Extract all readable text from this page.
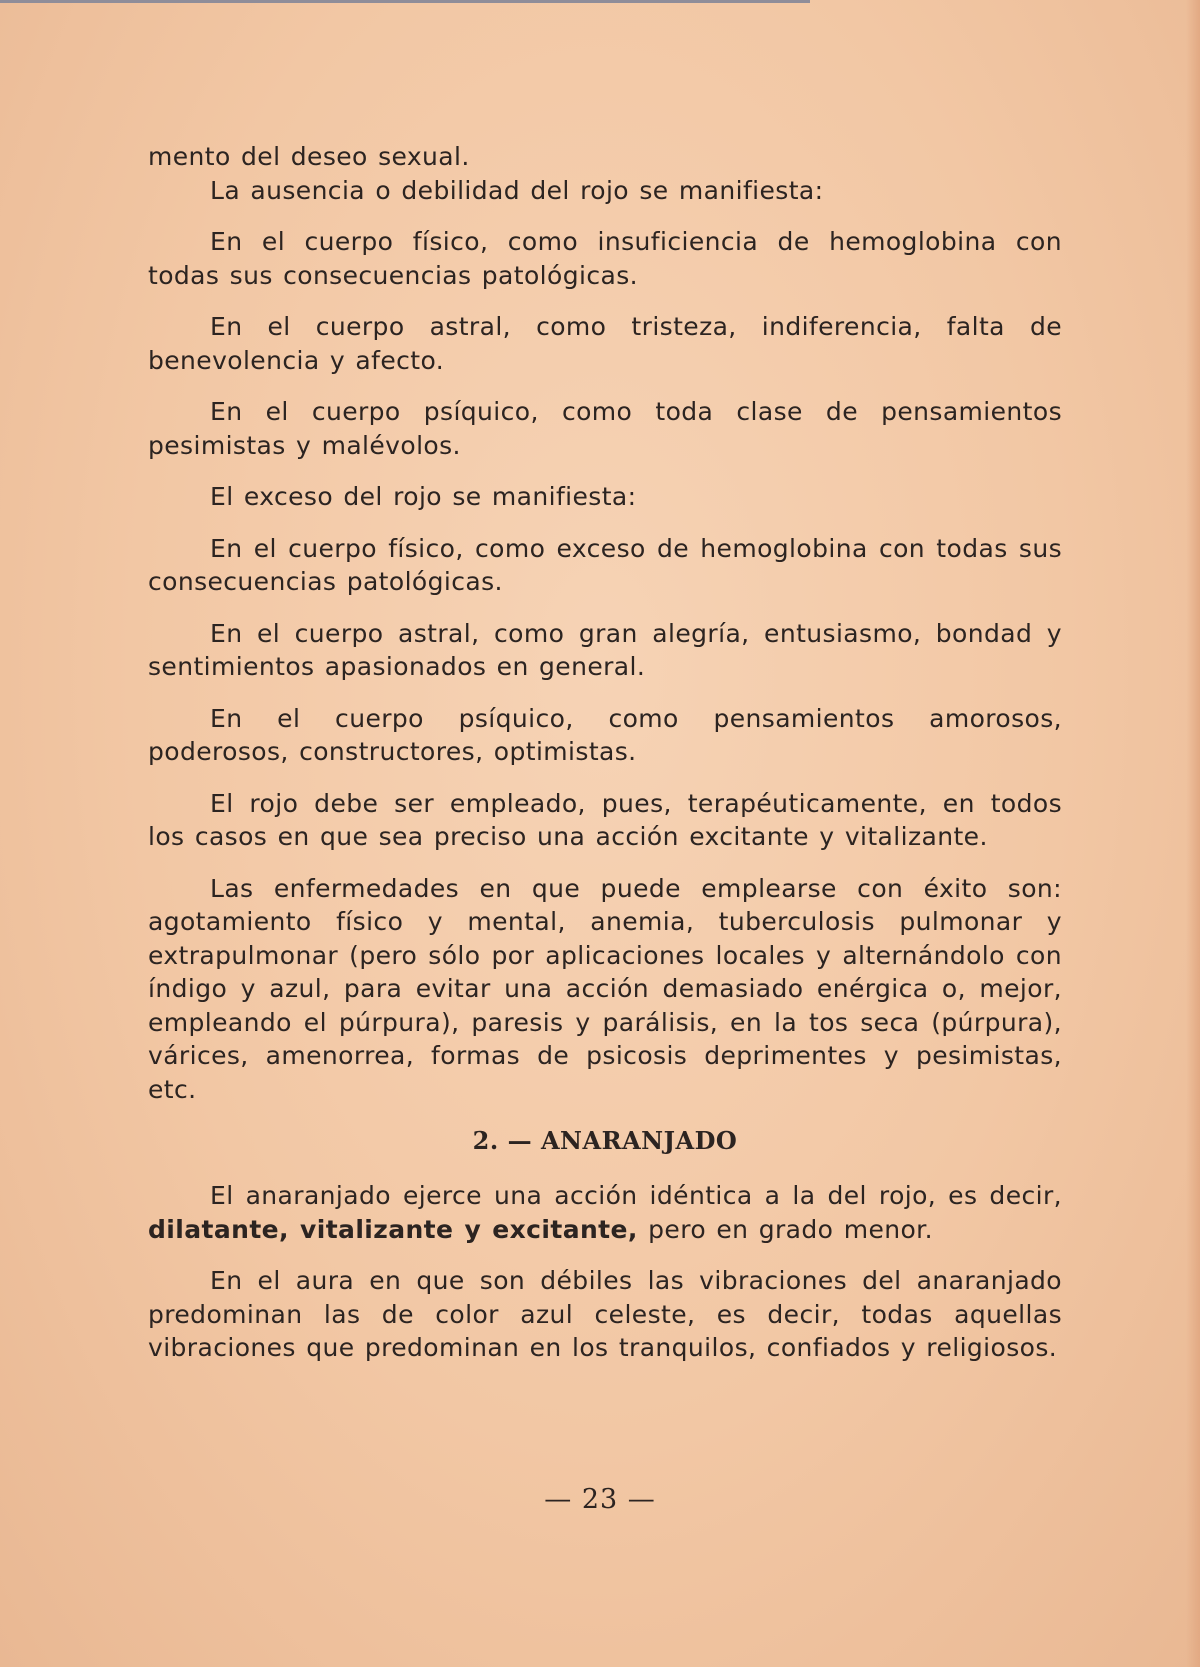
mento del deseo sexual.

La ausencia o debilidad del rojo se manifiesta:

En el cuerpo físico, como insuficiencia de hemoglobina con todas sus consecuencias patológicas.

En el cuerpo astral, como tristeza, indiferencia, falta de benevolencia y afecto.

En el cuerpo psíquico, como toda clase de pensamientos pesimistas y malévolos.

El exceso del rojo se manifiesta:

En el cuerpo físico, como exceso de hemoglobina con todas sus consecuencias patológicas.

En el cuerpo astral, como gran alegría, entusiasmo, bondad y sentimientos apasionados en general.

En el cuerpo psíquico, como pensamientos amorosos, poderosos, constructores, optimistas.

El rojo debe ser empleado, pues, terapéuticamente, en todos los casos en que sea preciso una acción excitante y vitalizante.

Las enfermedades en que puede emplearse con éxito son: agotamiento físico y mental, anemia, tuberculosis pulmonar y extrapulmonar (pero sólo por aplicaciones locales y alternándolo con índigo y azul, para evitar una acción demasiado enérgica o, mejor, empleando el púrpura), paresis y parálisis, en la tos seca (púrpura), várices, amenorrea, formas de psicosis deprimentes y pesimistas, etc.

2. — ANARANJADO

El anaranjado ejerce una acción idéntica a la del rojo, es decir, dilatante, vitalizante y excitante, pero en grado menor.

En el aura en que son débiles las vibraciones del anaranjado predominan las de color azul celeste, es decir, todas aquellas vibraciones que predominan en los tranquilos, confiados y religiosos.

— 23 —
